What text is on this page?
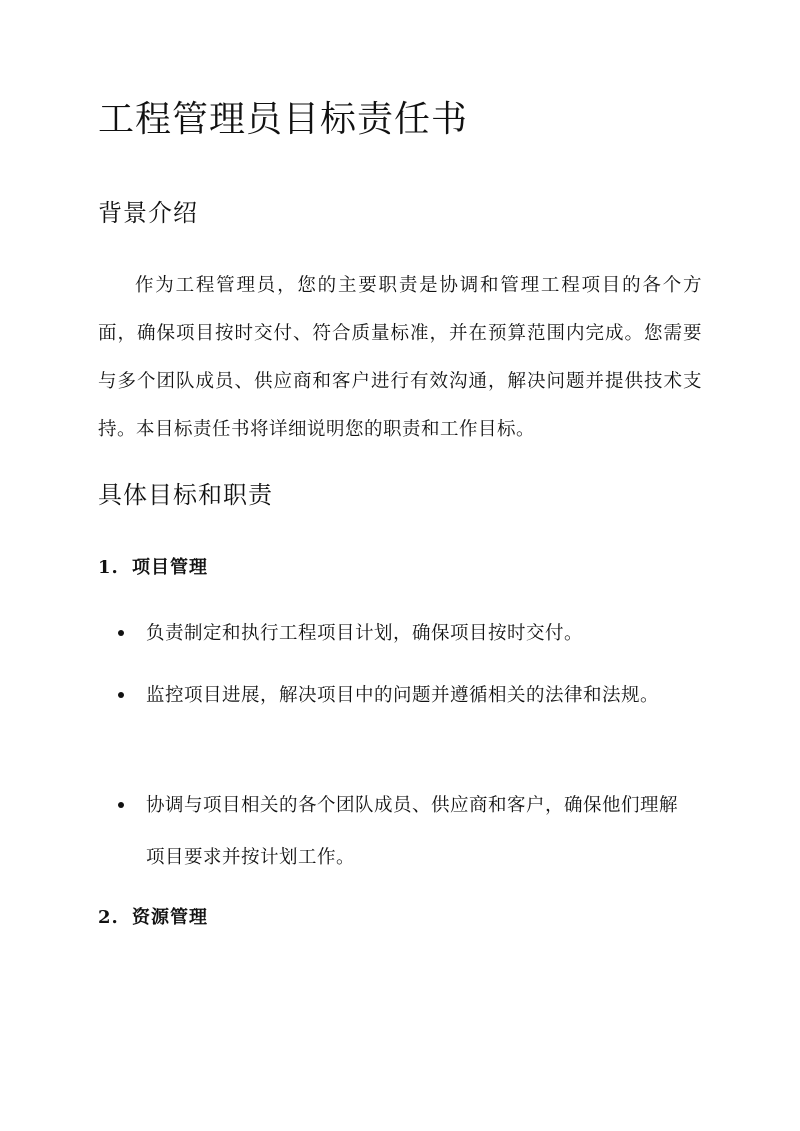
工程管理员目标责任书
背景介绍

作为工程管理员，您的主要职责是协调和管理工程项目的各个方面，确保项目按时交付、符合质量标准，并在预算范围内完成。您需要与多个团队成员、供应商和客户进行有效沟通，解决问题并提供技术支持。本目标责任书将详细说明您的职责和工作目标。

具体目标和职责
1. 项目管理
负责制定和执行工程项目计划，确保项目按时交付。
监控项目进展，解决项目中的问题并遵循相关的法律和法规。
协调与项目相关的各个团队成员、供应商和客户，确保他们理解项目要求并按计划工作。
2. 资源管理
